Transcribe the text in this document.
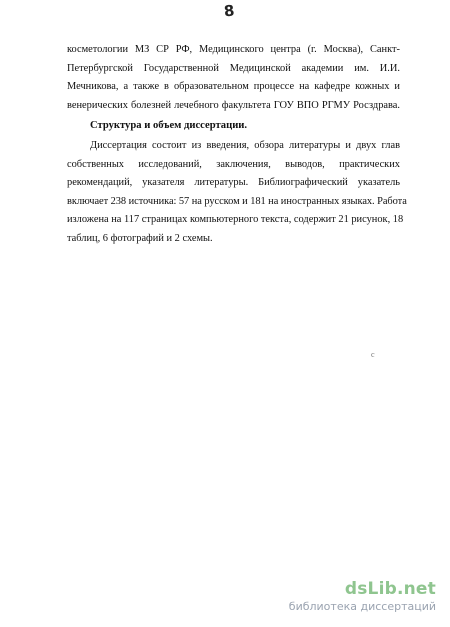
8
косметологии МЗ СР РФ, Медицинского центра (г. Москва), Санкт-
Петербургской Государственной Медицинской академии им. И.И.
Мечникова, а также в образовательном процессе на кафедре кожных и
венерических болезней лечебного факультета ГОУ ВПО РГМУ Росздрава.

Структура и объем диссертации.

Диссертация состоит из введения, обзора литературы и двух глав
собственных исследований, заключения, выводов, практических
рекомендаций, указателя литературы. Библиографический указатель
включает 238 источника: 57 на русском и 181 на иностранных языках. Работа
изложена на 117 страницах компьютерного текста, содержит 21 рисунок, 18
таблиц, 6 фотографий и 2 схемы.
c
dsLib.net
библиотека диссертаций
